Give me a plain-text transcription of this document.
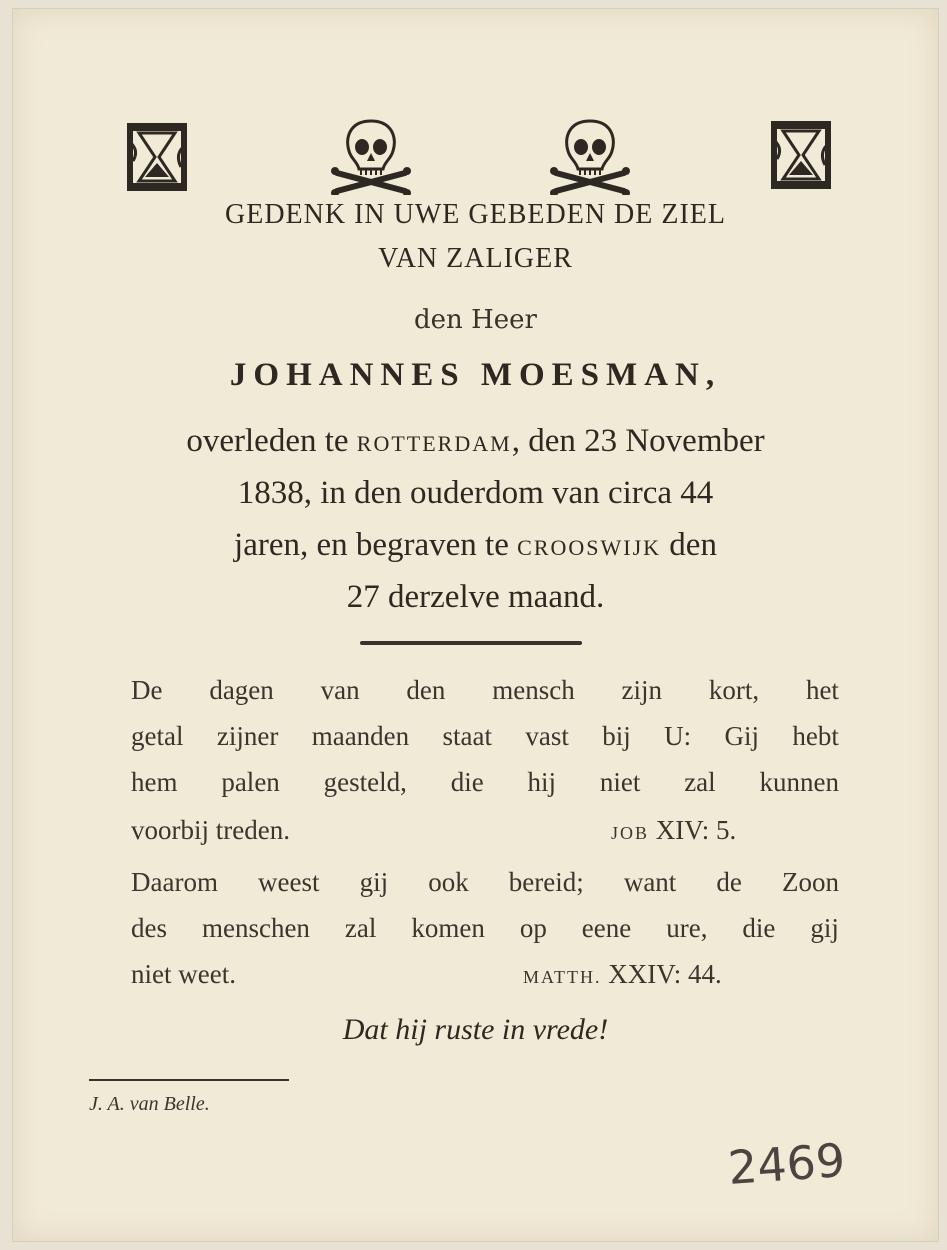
GEDENK IN UWE GEBEDEN DE ZIEL
VAN ZALIGER
den Heer
JOHANNES MOESMAN,
overleden te ROTTERDAM, den 23 November
1838, in den ouderdom van circa 44
jaren, en begraven te CROOSWIJK den
27 derzelve maand.
De dagen van den mensch zijn kort, het
getal zijner maanden staat vast bij U: Gij hebt
hem palen gesteld, die hij niet zal kunnen
voorbij treden.	JOB XIV: 5.
Daarom weest gij ook bereid; want de Zoon
des menschen zal komen op eene ure, die gij
niet weet.	MATTH. XXIV: 44.
Dat hij ruste in vrede!
J. A. van Belle.
2469
